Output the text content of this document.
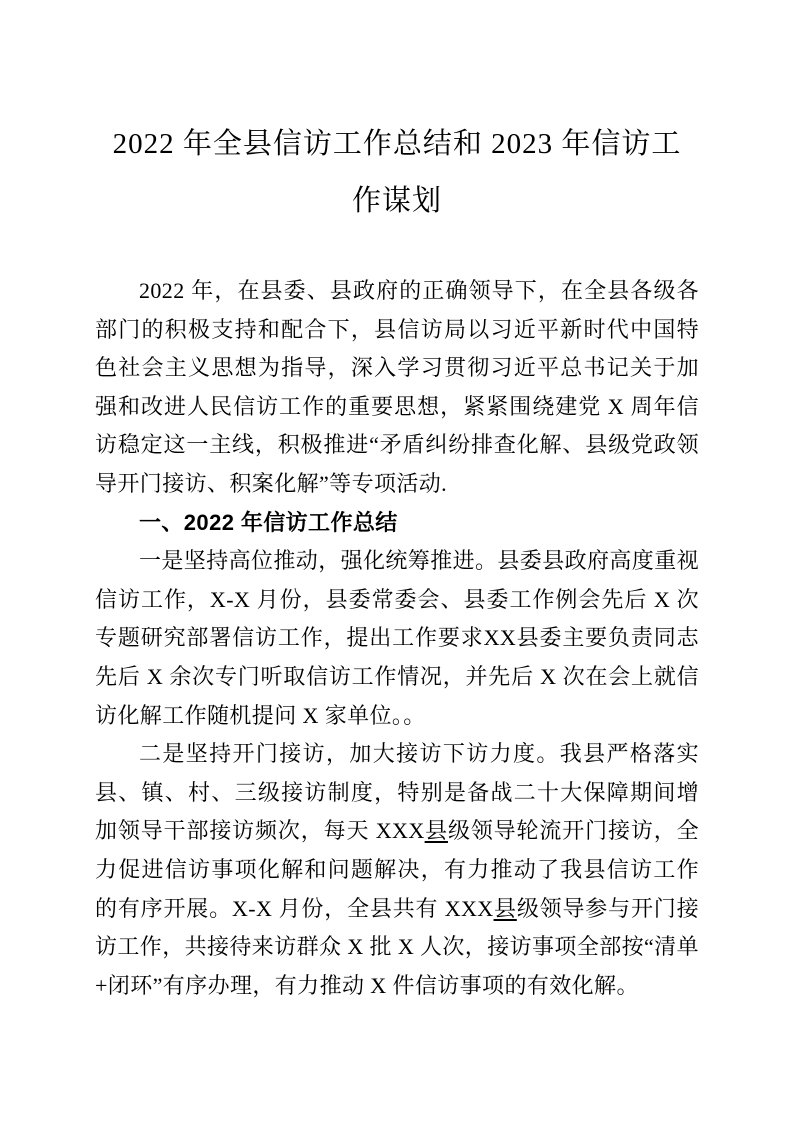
2022 年全县信访工作总结和 2023 年信访工
作谋划

2022 年，在县委、县政府的正确领导下，在全县各级各部门的积极支持和配合下，县信访局以习近平新时代中国特色社会主义思想为指导，深入学习贯彻习近平总书记关于加强和改进人民信访工作的重要思想，紧紧围绕建党 X 周年信访稳定这一主线，积极推进“矛盾纠纷排查化解、县级党政领导开门接访、积案化解”等专项活动.

一、2022 年信访工作总结

一是坚持高位推动，强化统筹推进。县委县政府高度重视信访工作，X-X 月份，县委常委会、县委工作例会先后 X 次专题研究部署信访工作，提出工作要求XX县委主要负责同志先后 X 余次专门听取信访工作情况，并先后 X 次在会上就信访化解工作随机提问 X 家单位。。

二是坚持开门接访，加大接访下访力度。我县严格落实县、镇、村、三级接访制度，特别是备战二十大保障期间增加领导干部接访频次，每天 XXX县级领导轮流开门接访，全力促进信访事项化解和问题解决，有力推动了我县信访工作的有序开展。X-X 月份，全县共有 XXX县级领导参与开门接访工作，共接待来访群众 X 批 X 人次，接访事项全部按“清单+闭环”有序办理，有力推动 X 件信访事项的有效化解。
